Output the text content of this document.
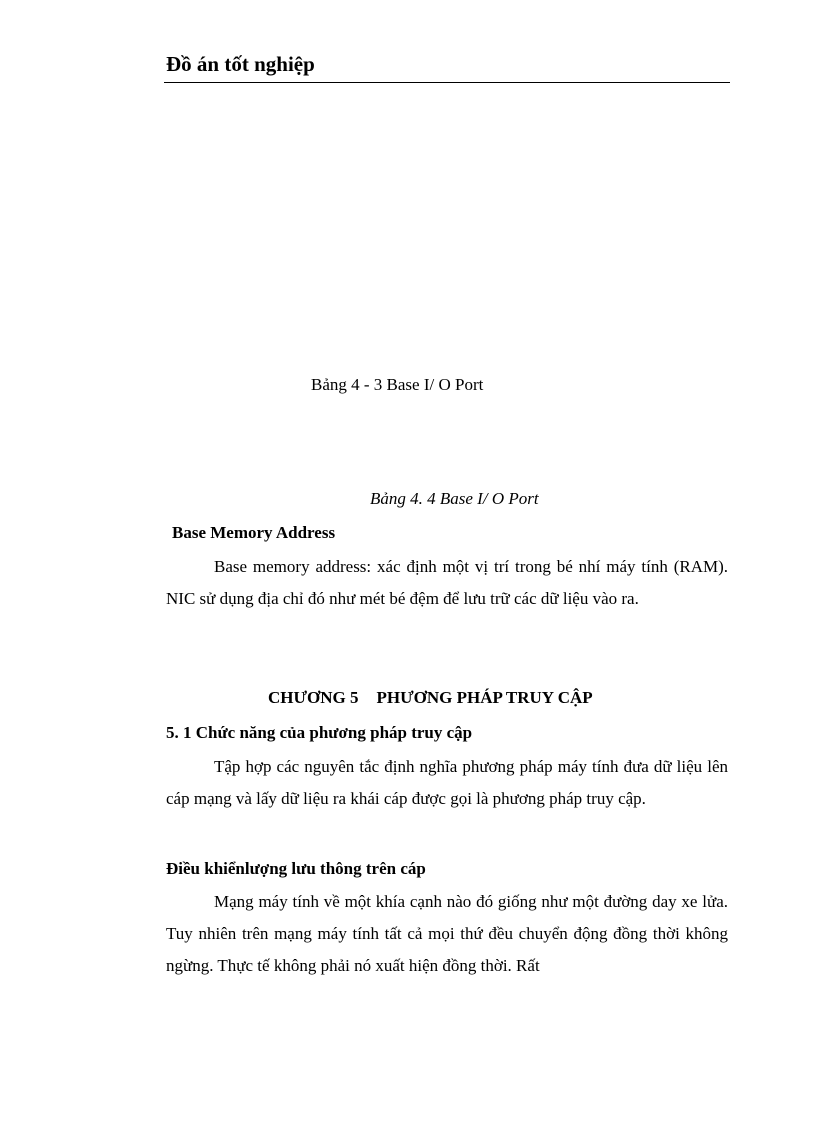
Đồ án tốt nghiệp
Bảng 4 - 3 Base I/ O Port
Bảng 4. 4 Base I/ O Port
Base Memory Address

Base memory address: xác định một vị trí trong bé nhí máy tính (RAM). NIC sử dụng địa chỉ đó như mét bé đệm để lưu trữ các dữ liệu vào ra.

CHƯƠNG 5 PHƯƠNG PHÁP TRUY CẬP
5. 1 Chức năng của phương pháp truy cập

Tập hợp các nguyên tắc định nghĩa phương pháp máy tính đưa dữ liệu lên cáp mạng và lấy dữ liệu ra khái cáp được gọi là phương pháp truy cập.

Điều khiểnlượng lưu thông trên cáp

Mạng máy tính về một khía cạnh nào đó giống như một đường day xe lửa. Tuy nhiên trên mạng máy tính tất cả mọi thứ đều chuyển động đồng thời không ngừng. Thực tế không phải nó xuất hiện đồng thời. Rất
